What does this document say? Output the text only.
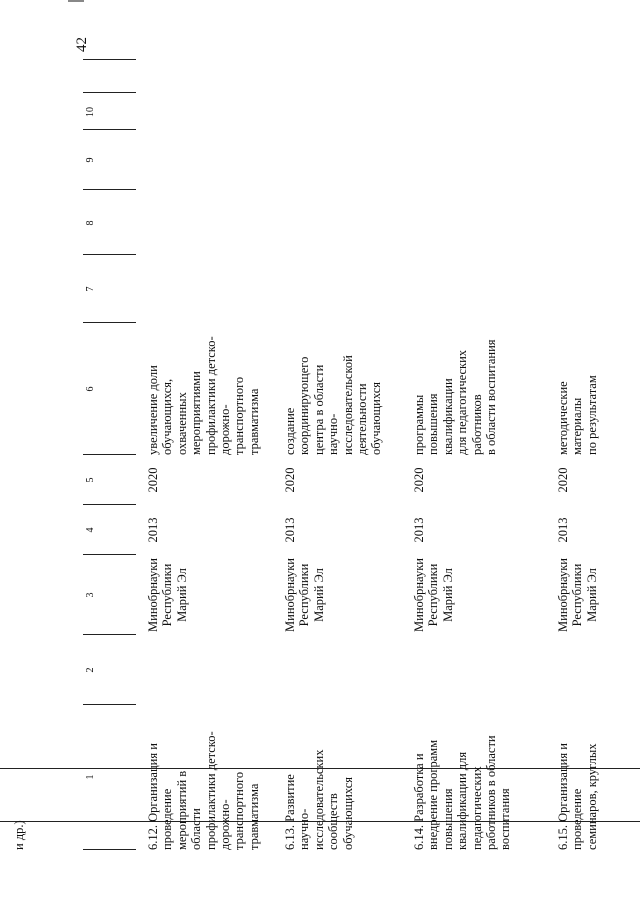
42
1
2
3
4
5
6
7
8
9
10
и др.)	6.12. Организация и проведение мероприятий в области профилактики детско- дорожно- транспортного травматизма
Минобрнауки Республики Марий Эл
2013
2020
увеличение доли обучающихся, охваченных мероприятиями профилактики детско- дорожно- транспортного травматизма
6.13. Развитие научно- исследовательских сообществ обучающихся
Минобрнауки Республики Марий Эл
2013
2020
создание координирующего центра в области научно- исследовательской деятельности обучающихся
6.14. Разработка и внедрение программ повышения квалификации для педагогических работников в области воспитания
Минобрнауки Республики Марий Эл
2013
2020
программы повышения квалификации для педагогических работников в области воспитания
6.15. Организация и проведение семинаров, круглых
Минобрнауки Республики Марий Эл
2013
2020
методические материалы по результатам
